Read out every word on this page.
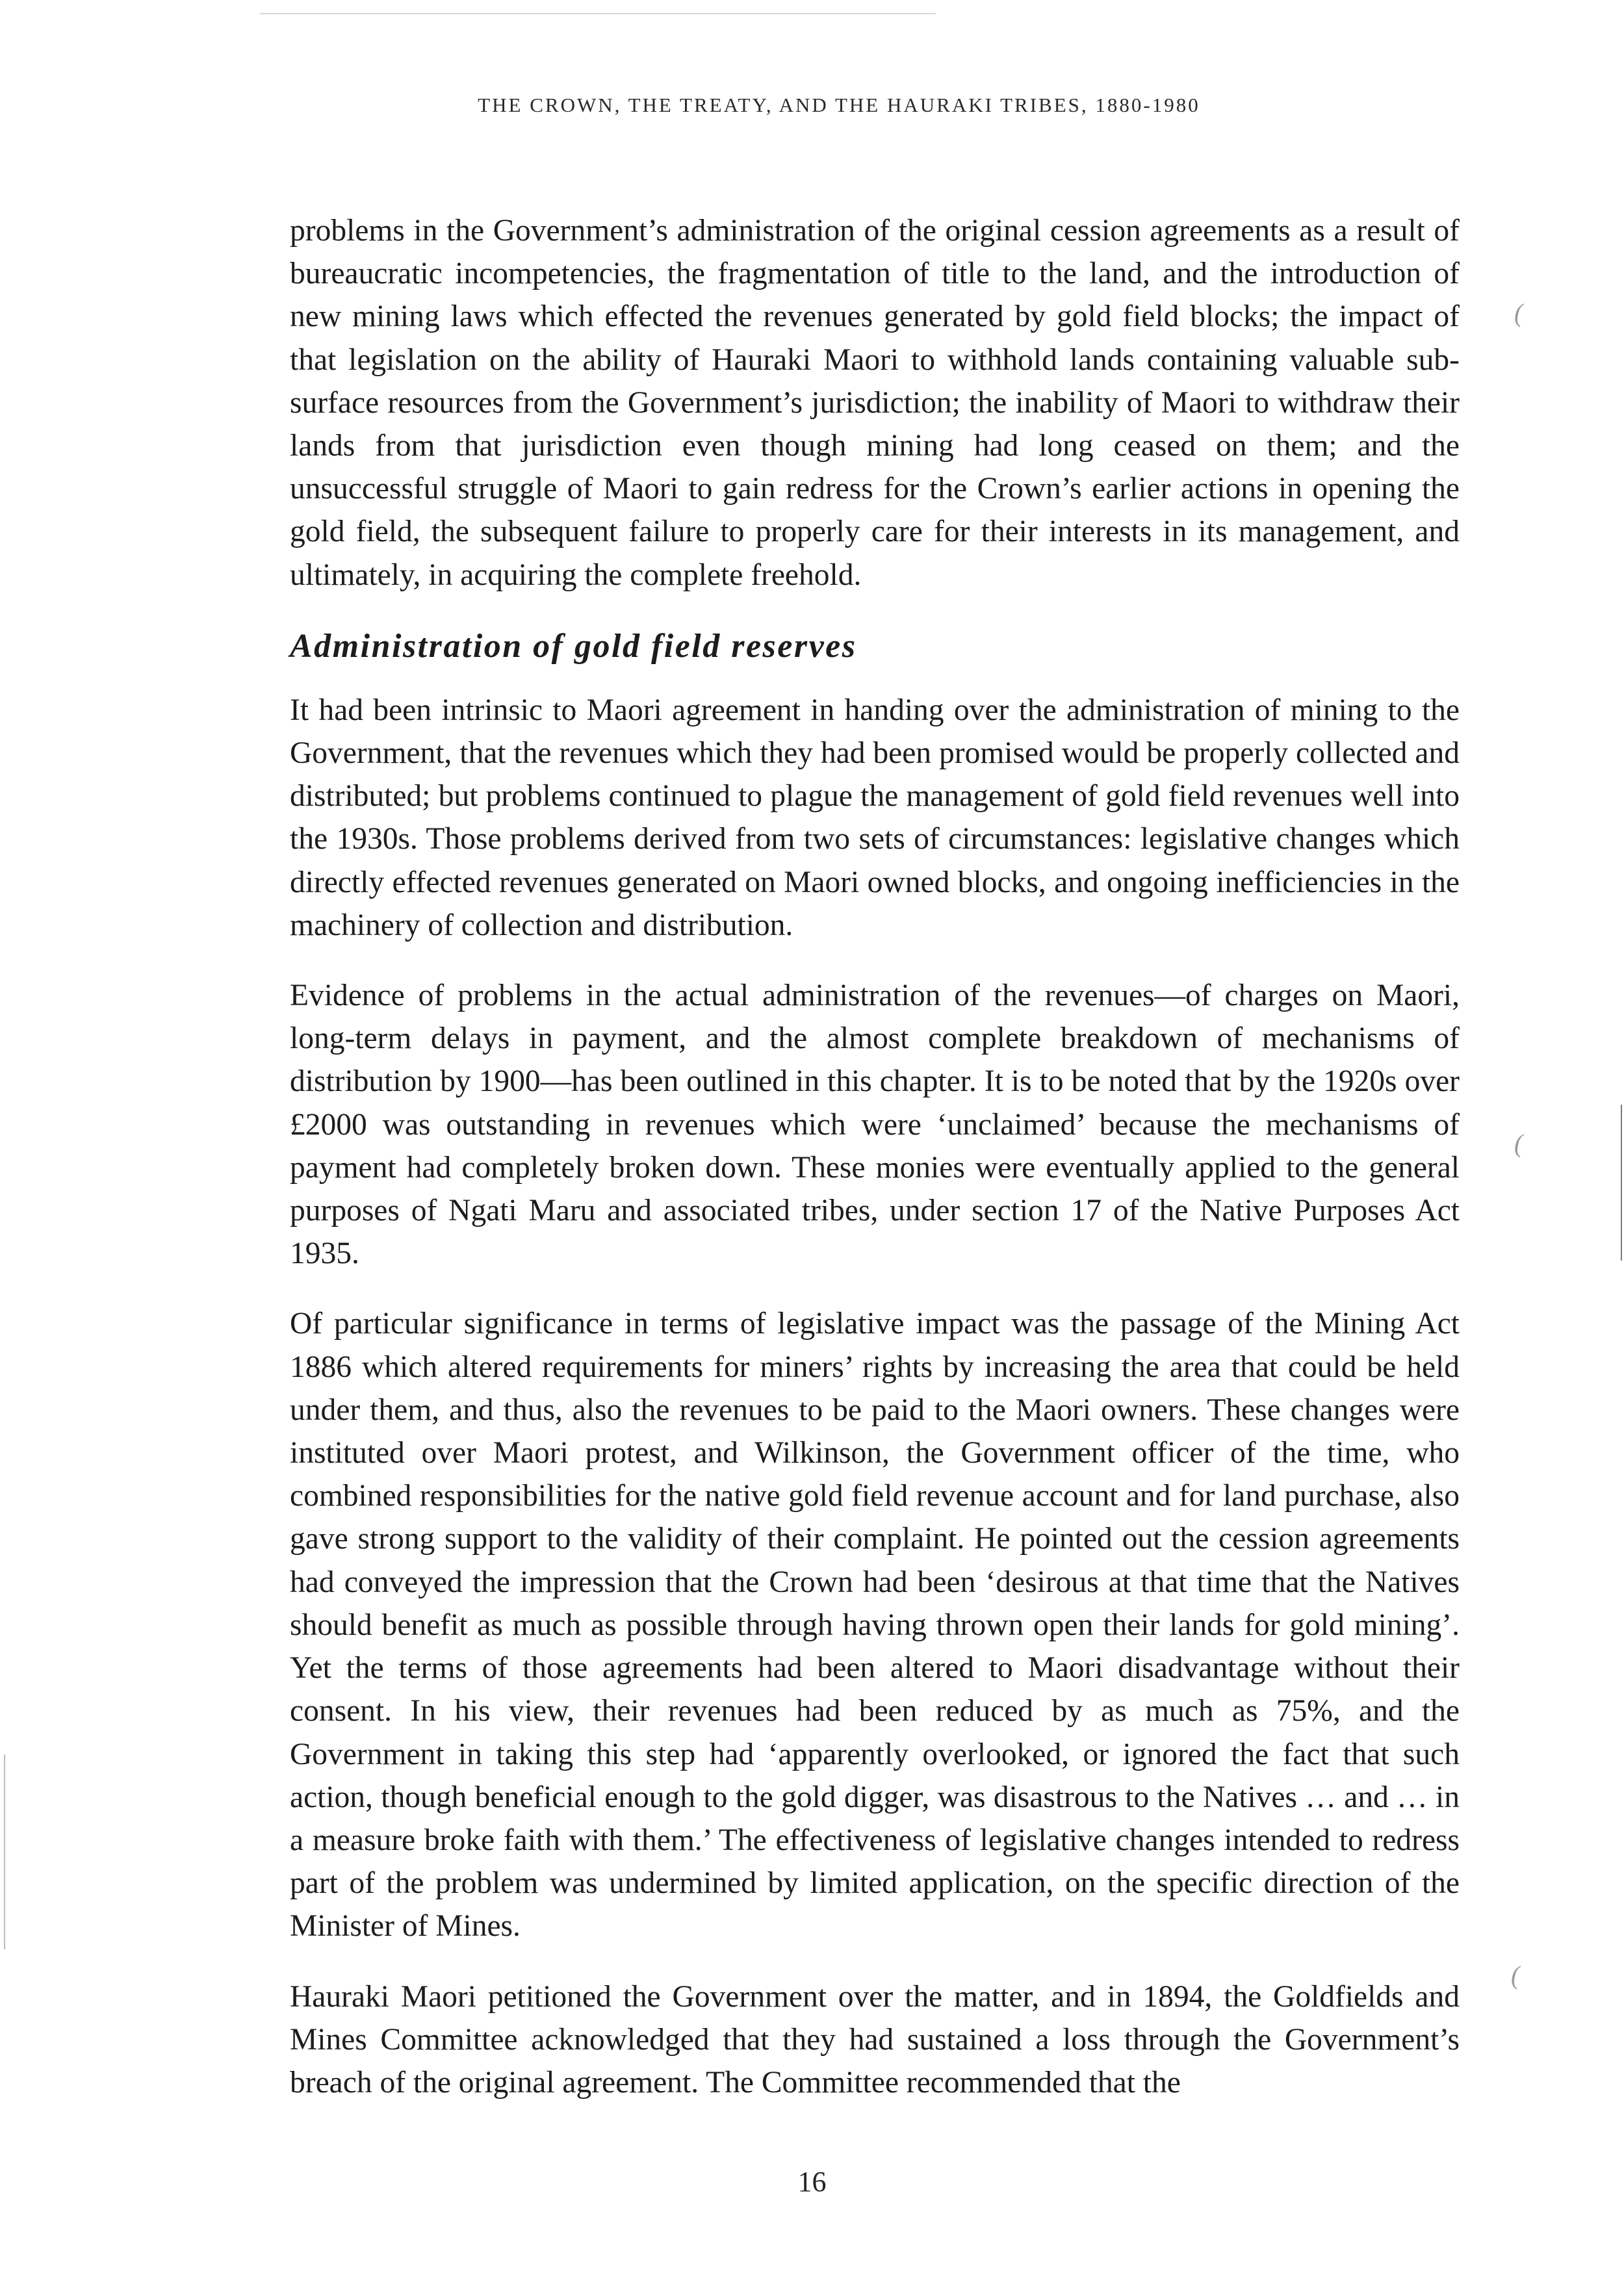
THE CROWN, THE TREATY, AND THE HAURAKI TRIBES, 1880-1980

problems in the Government’s administration of the original cession agreements as a result of bureaucratic incompetencies, the fragmentation of title to the land, and the introduction of new mining laws which effected the revenues generated by gold field blocks; the impact of that legislation on the ability of Hauraki Maori to withhold lands containing valuable sub-surface resources from the Government’s jurisdiction; the inability of Maori to withdraw their lands from that jurisdiction even though mining had long ceased on them; and the unsuccessful struggle of Maori to gain redress for the Crown’s earlier actions in opening the gold field, the subsequent failure to properly care for their interests in its management, and ultimately, in acquiring the complete freehold.

Administration of gold field reserves

It had been intrinsic to Maori agreement in handing over the administration of mining to the Government, that the revenues which they had been promised would be properly collected and distributed; but problems continued to plague the management of gold field revenues well into the 1930s. Those problems derived from two sets of circumstances: legislative changes which directly effected revenues generated on Maori owned blocks, and ongoing inefficiencies in the machinery of collection and distribution.

Evidence of problems in the actual administration of the revenues—of charges on Maori, long-term delays in payment, and the almost complete breakdown of mechanisms of distribution by 1900—has been outlined in this chapter. It is to be noted that by the 1920s over £2000 was outstanding in revenues which were ‘unclaimed’ because the mechanisms of payment had completely broken down. These monies were eventually applied to the general purposes of Ngati Maru and associated tribes, under section 17 of the Native Purposes Act 1935.

Of particular significance in terms of legislative impact was the passage of the Mining Act 1886 which altered requirements for miners’ rights by increasing the area that could be held under them, and thus, also the revenues to be paid to the Maori owners. These changes were instituted over Maori protest, and Wilkinson, the Government officer of the time, who combined responsibilities for the native gold field revenue account and for land purchase, also gave strong support to the validity of their complaint. He pointed out the cession agreements had conveyed the impression that the Crown had been ‘desirous at that time that the Natives should benefit as much as possible through having thrown open their lands for gold mining’. Yet the terms of those agreements had been altered to Maori disadvantage without their consent. In his view, their revenues had been reduced by as much as 75%, and the Government in taking this step had ‘apparently overlooked, or ignored the fact that such action, though beneficial enough to the gold digger, was disastrous to the Natives … and … in a measure broke faith with them.’ The effectiveness of legislative changes intended to redress part of the problem was undermined by limited application, on the specific direction of the Minister of Mines.

Hauraki Maori petitioned the Government over the matter, and in 1894, the Goldfields and Mines Committee acknowledged that they had sustained a loss through the Government’s breach of the original agreement. The Committee recommended that the

16
(
(
(
